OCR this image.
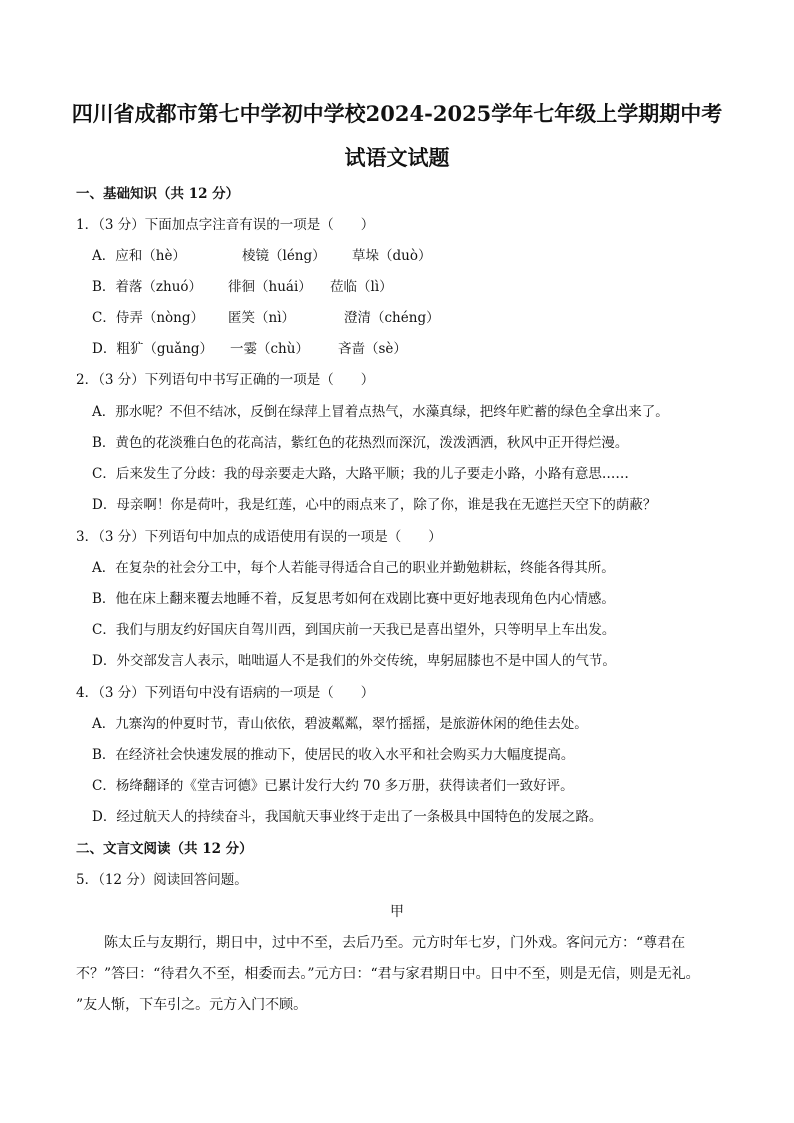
四川省成都市第七中学初中学校2024-2025学年七年级上学期期中考
试语文试题
一、基础知识（共 12 分）
1．（3 分）下面加点字注音有误的一项是（　　）
A．应和（hè）	棱镜（léng） 草垛（duò）
B．着落（zhuó） 徘徊（huái） 莅临（lì）
C．侍弄（nòng） 匿笑（nì）	澄清（chéng）
D．粗犷（guǎng） 一霎（chù） 吝啬（sè）
2．（3 分）下列语句中书写正确的一项是（　　）
A．那水呢？不但不结冰，反倒在绿萍上冒着点热气，水藻真绿，把终年贮蓄的绿色全拿出来了。
B．黄色的花淡雅白色的花高洁，紫红色的花热烈而深沉，泼泼洒洒，秋风中正开得烂漫。
C．后来发生了分歧：我的母亲要走大路，大路平顺；我的儿子要走小路，小路有意思……
D．母亲啊！你是荷叶，我是红莲，心中的雨点来了，除了你，谁是我在无遮拦天空下的荫蔽？
3．（3 分）下列语句中加点的成语使用有误的一项是（　　）
A．在复杂的社会分工中，每个人若能寻得适合自己的职业并勤勉耕耘，终能各得其所。
B．他在床上翻来覆去地睡不着，反复思考如何在戏剧比赛中更好地表现角色内心情感。
C．我们与朋友约好国庆自驾川西，到国庆前一天我已是喜出望外，只等明早上车出发。
D．外交部发言人表示，咄咄逼人不是我们的外交传统，卑躬屈膝也不是中国人的气节。
4．（3 分）下列语句中没有语病的一项是（　　）
A．九寨沟的仲夏时节，青山依依，碧波粼粼，翠竹摇摇，是旅游休闲的绝佳去处。
B．在经济社会快速发展的推动下，使居民的收入水平和社会购买力大幅度提高。
C．杨绛翻译的《堂吉诃德》已累计发行大约 70 多万册，获得读者们一致好评。
D．经过航天人的持续奋斗，我国航天事业终于走出了一条极具中国特色的发展之路。
二、文言文阅读（共 12 分）
5．（12 分）阅读回答问题。
甲
陈太丘与友期行，期日中，过中不至，去后乃至。元方时年七岁，门外戏。客问元方：“尊君在
不？”答曰：“待君久不至，相委而去。”元方曰：“君与家君期日中。日中不至，则是无信，则是无礼。
”友人惭，下车引之。元方入门不顾。
